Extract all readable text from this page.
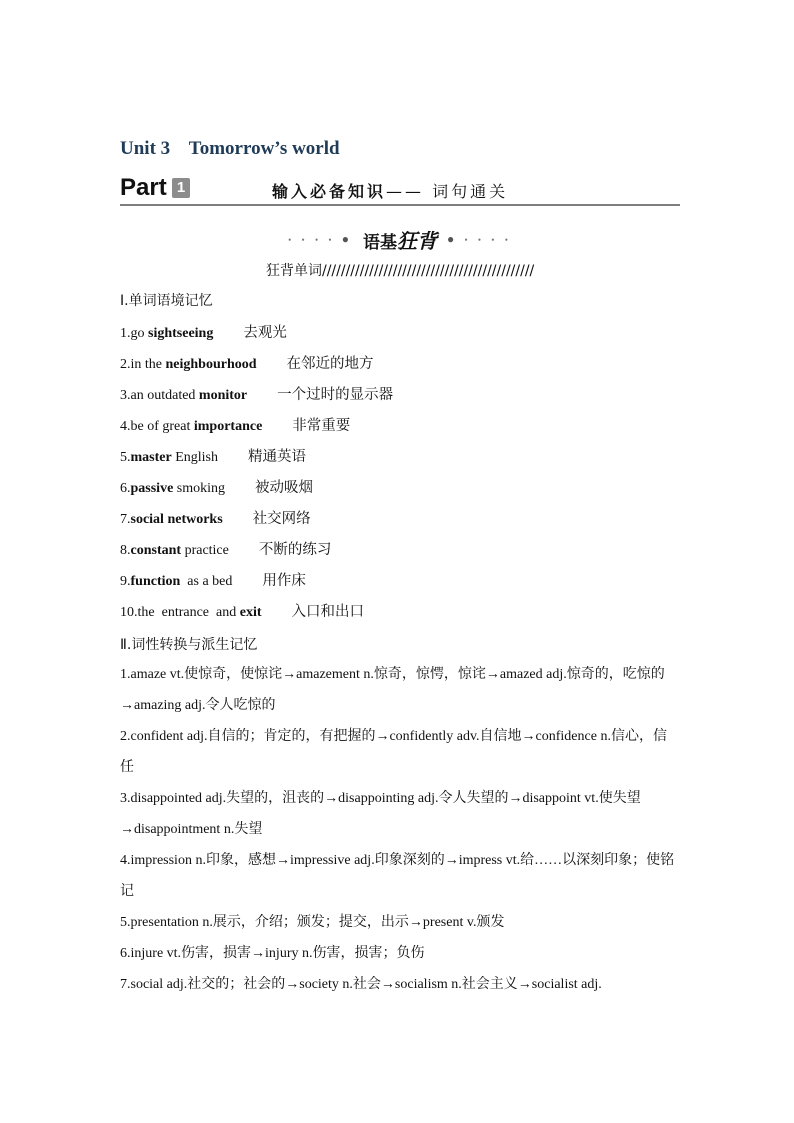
Unit 3    Tomorrow’s world
Part 1	输入必备知识—— 词句通关
• • • • ● 语基狂背 ● • • • •
狂背单词/////////////////////////////////////////////
Ⅰ.单词语境记忆
1.go sightseeing 去观光
2.in the neighbourhood 在邻近的地方
3.an outdated monitor 一个过时的显示器
4.be of great importance 非常重要
5.master English 精通英语
6.passive smoking 被动吸烟
7.social networks 社交网络
8.constant practice 不断的练习
9.function  as a bed 用作床
10.the  entrance  and exit 入口和出口
Ⅱ.词性转换与派生记忆
1.amaze vt.使惊奇，使惊诧→amazement n.惊奇，惊愕，惊诧→amazed adj.惊奇的，吃惊的→amazing adj.令人吃惊的
2.confident adj.自信的；肯定的，有把握的→confidently adv.自信地→confidence n.信心，信任
3.disappointed adj.失望的，沮丧的→disappointing adj.令人失望的→disappoint vt.使失望→disappointment n.失望
4.impression n.印象，感想→impressive adj.印象深刻的→impress vt.给……以深刻印象；使铭记
5.presentation n.展示，介绍；颁发；提交，出示→present v.颁发
6.injure vt.伤害，损害→injury n.伤害，损害；负伤
7.social adj.社交的；社会的→society n.社会→socialism n.社会主义→socialist adj.
